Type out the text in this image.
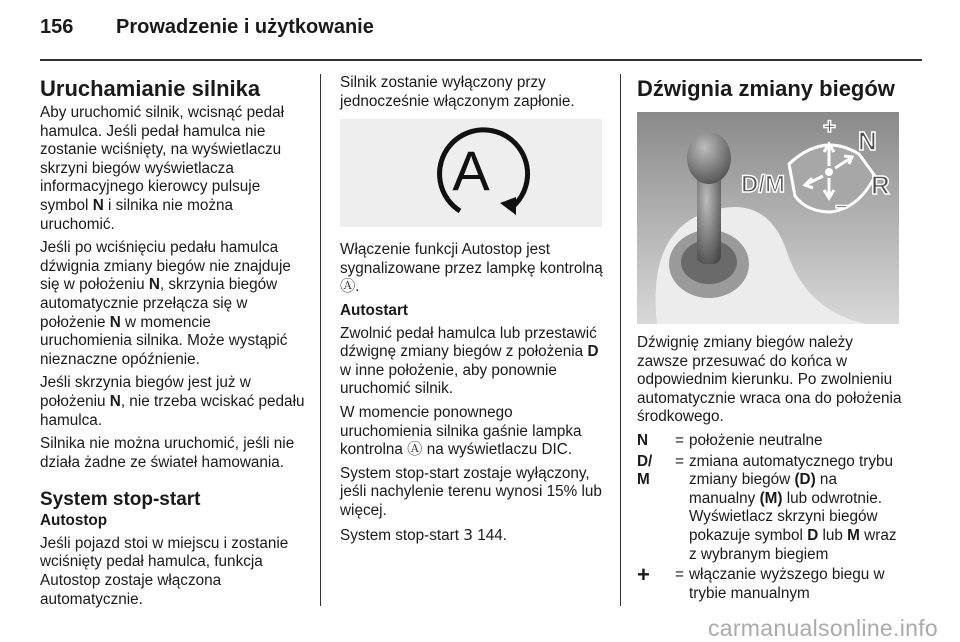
156 Prowadzenie i użytkowanie
Uruchamianie silnika

Aby uruchomić silnik, wcisnąć pedał hamulca. Jeśli pedał hamulca nie zostanie wciśnięty, na wyświetlaczu skrzyni biegów wyświetlacza informacyjnego kierowcy pulsuje symbol N i silnika nie można uruchomić.

Jeśli po wciśnięciu pedału hamulca dźwignia zmiany biegów nie znajduje się w położeniu N, skrzynia biegów automatycznie przełącza się w położenie N w momencie uruchomienia silnika. Może wystąpić nieznaczne opóźnienie.

Jeśli skrzynia biegów jest już w położeniu N, nie trzeba wciskać pedału hamulca.

Silnika nie można uruchomić, jeśli nie działa żadne ze świateł hamowania.

System stop-start
Autostop

Jeśli pojazd stoi w miejscu i zostanie wciśnięty pedał hamulca, funkcja Autostop zostaje włączona automatycznie.

Silnik zostanie wyłączony przy jednocześnie włączonym zapłonie.

A

Włączenie funkcji Autostop jest sygnalizowane przez lampkę kontrolną Ⓐ.

Autostart

Zwolnić pedał hamulca lub przestawić dźwignę zmiany biegów z położenia D w inne położenie, aby ponownie uruchomić silnik.

W momencie ponownego uruchomienia silnika gaśnie lampka kontrolna Ⓐ na wyświetlaczu DIC.

System stop-start zostaje wyłączony, jeśli nachylenie terenu wynosi 15% lub więcej.

System stop-start 3 144.

Dźwignia zmiany biegów
+
−
N
R
D/M

Dźwignię zmiany biegów należy zawsze przesuwać do końca w odpowiednim kierunku. Po zwolnieniu automatycznie wraca ona do położenia środkowego.

N	= położenie neutralne
D/
M
= zmiana automatycznego trybu zmiany biegów (D) na manualny (M) lub odwrotnie. Wyświetlacz skrzyni biegów pokazuje symbol D lub M wraz z wybranym biegiem
+	= włączanie wyższego biegu w trybie manualnym
carmanualsonline.info
